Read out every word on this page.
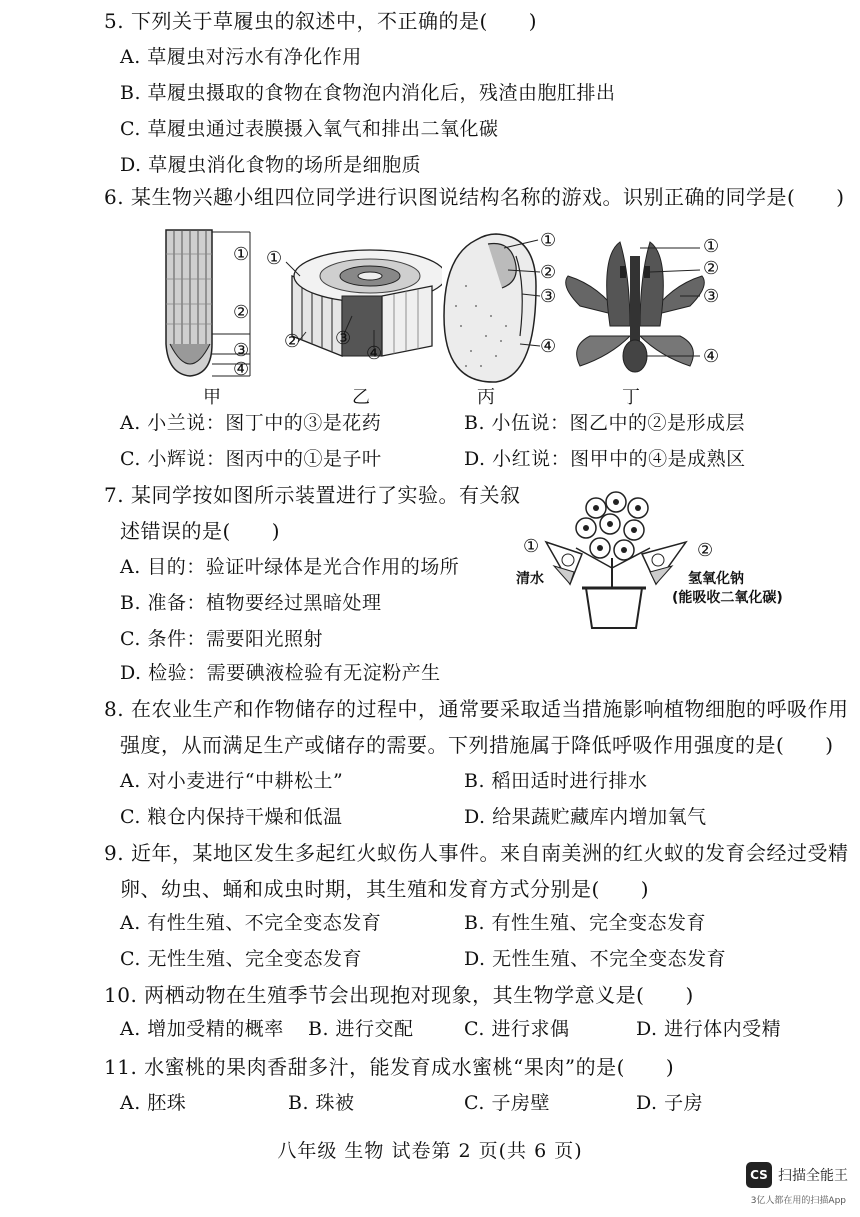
5. 下列关于草履虫的叙述中，不正确的是(　　)
A. 草履虫对污水有净化作用
B. 草履虫摄取的食物在食物泡内消化后，残渣由胞肛排出
C. 草履虫通过表膜摄入氧气和排出二氧化碳
D. 草履虫消化食物的场所是细胞质
6. 某生物兴趣小组四位同学进行识图说结构名称的游戏。识别正确的同学是(　　)
①
②
③
④
甲
①
② ③
④
乙
①
②
③
④
丙
①
②
③
④
丁
A. 小兰说：图丁中的③是花药	B. 小伍说：图乙中的②是形成层
C. 小辉说：图丙中的①是子叶	D. 小红说：图甲中的④是成熟区
7. 某同学按如图所示装置进行了实验。有关叙
述错误的是(　　)
A. 目的：验证叶绿体是光合作用的场所
B. 准备：植物要经过黑暗处理
C. 条件：需要阳光照射
D. 检验：需要碘液检验有无淀粉产生
①	②
清水	氢氧化钠
(能吸收二氧化碳)
8. 在农业生产和作物储存的过程中，通常要采取适当措施影响植物细胞的呼吸作用
强度，从而满足生产或储存的需要。下列措施属于降低呼吸作用强度的是(　　)
A. 对小麦进行“中耕松土”	B. 稻田适时进行排水
C. 粮仓内保持干燥和低温	D. 给果蔬贮藏库内增加氧气
9. 近年，某地区发生多起红火蚁伤人事件。来自南美洲的红火蚁的发育会经过受精
卵、幼虫、蛹和成虫时期，其生殖和发育方式分别是(　　)
A. 有性生殖、不完全变态发育	B. 有性生殖、完全变态发育
C. 无性生殖、完全变态发育	D. 无性生殖、不完全变态发育
10. 两栖动物在生殖季节会出现抱对现象，其生物学意义是(　　)
A. 增加受精的概率 B. 进行交配	C. 进行求偶	D. 进行体内受精
11. 水蜜桃的果肉香甜多汁，能发育成水蜜桃“果肉”的是(　　)
A. 胚珠	B. 珠被	C. 子房壁	D. 子房
八年级 生物 试卷第 2 页(共 6 页)
CS 扫描全能王
3亿人都在用的扫描App
